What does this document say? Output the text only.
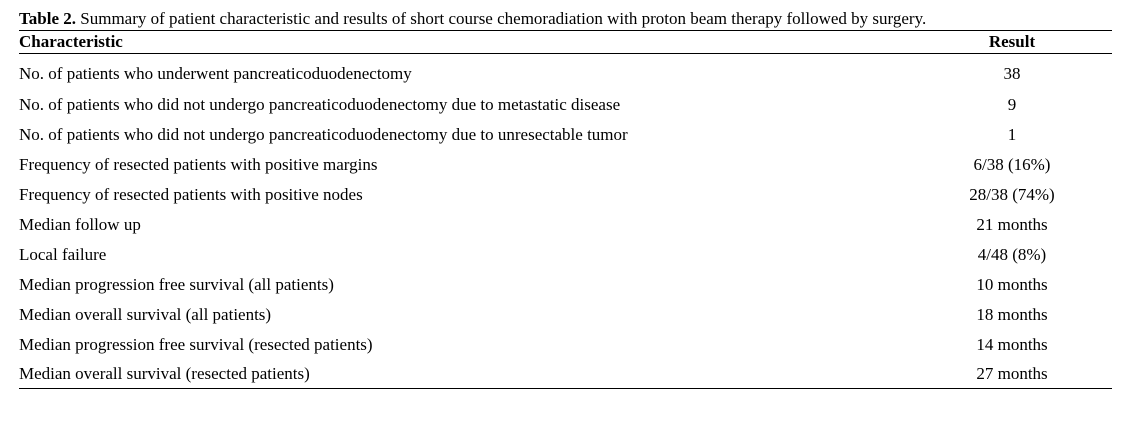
Table 2. Summary of patient characteristic and results of short course chemoradiation with proton beam therapy followed by surgery.
Characteristic	Result
No. of patients who underwent pancreaticoduodenectomy	38
No. of patients who did not undergo pancreaticoduodenectomy due to metastatic disease	9
No. of patients who did not undergo pancreaticoduodenectomy due to unresectable tumor	1
Frequency of resected patients with positive margins	6/38 (16%)
Frequency of resected patients with positive nodes	28/38 (74%)
Median follow up	21 months
Local failure	4/48 (8%)
Median progression free survival (all patients)	10 months
Median overall survival (all patients)	18 months
Median progression free survival (resected patients)	14 months
Median overall survival (resected patients)	27 months
